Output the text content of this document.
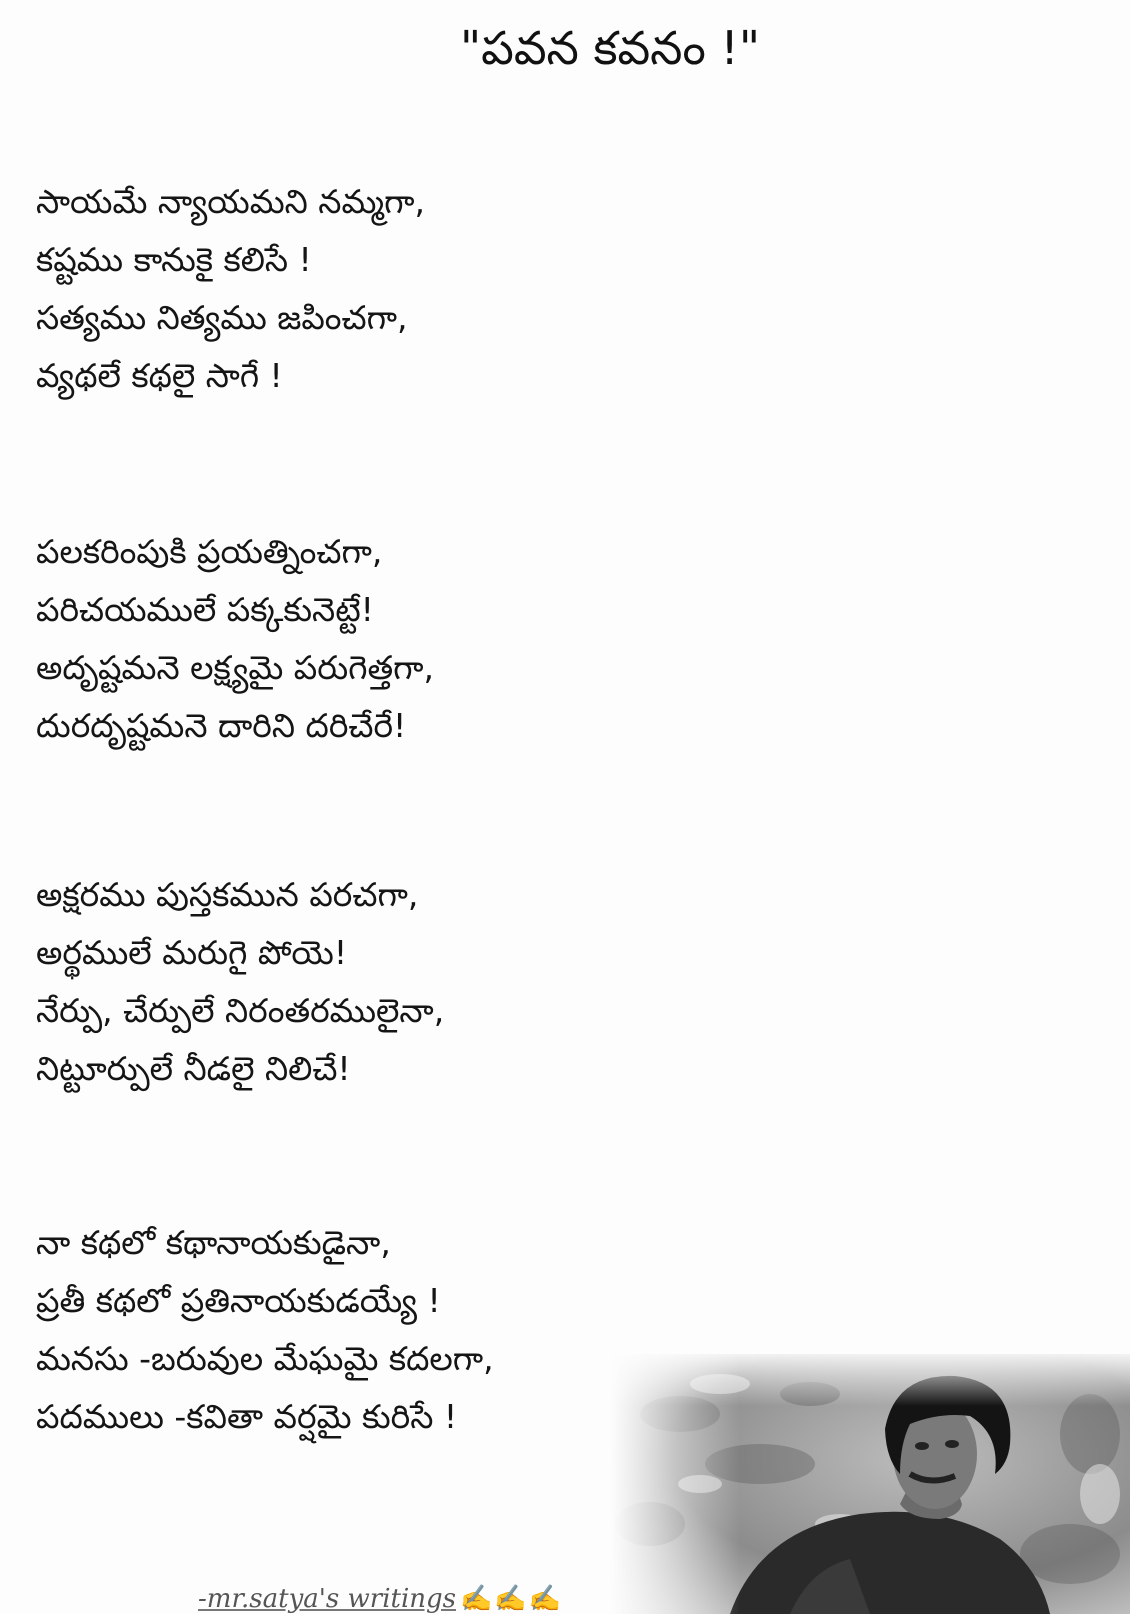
"పవన కవనం !"
సాయమే న్యాయమని నమ్మగా,
కష్టము కానుకై కలిసే !
సత్యము నిత్యము జపించగా,
వ్యథలే కథలై సాగే !
పలకరింపుకి ప్రయత్నించగా,
పరిచయములే పక్కకునెట్టే!
అదృష్టమనె లక్ష్యమై పరుగెత్తగా,
దురదృష్టమనె దారిని దరిచేరే!
అక్షరము పుస్తకమున పరచగా,
అర్థములే మరుగై పోయె!
నేర్పు, చేర్పులే నిరంతరములైనా,
నిట్టూర్పులే నీడలై నిలిచే!
నా కథలో కథానాయకుడైనా,
ప్రతీ కథలో ప్రతినాయకుడయ్యే !
మనసు -బరువుల మేఘమై కదలగా,
పదములు -కవితా వర్షమై కురిసే !
-mr.satya's writings ✍✍✍
